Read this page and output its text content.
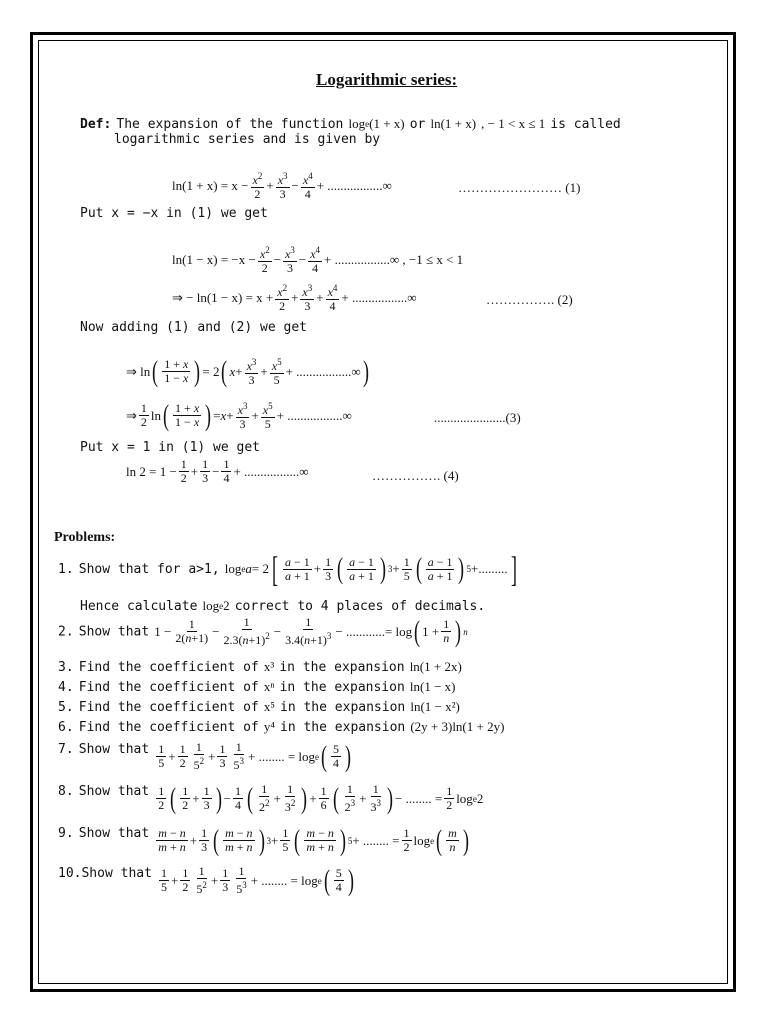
Logarithmic series:
Def: The expansion of the function log e (1 + x) or ln(1 + x) , − 1 < x ≤ 1 is called
logarithmic series and is given by
$\ln(1 + x) = x - \frac{x^2}{2} + \frac{x^3}{3} - \frac{x^4}{4}$ + .................∞	…………………… (1)
Put x = −x in (1) we get
$\ln(1 - x) = -x - \frac{x^2}{2} - \frac{x^3}{3} - \frac{x^4}{4}$ + .................∞ , −1 ≤ x < 1
⇒ − $\ln(1 - x) = x + \frac{x^2}{2} + \frac{x^3}{3} + \frac{x^4}{4}$ + .................∞	……………. (2)
Now adding (1) and (2) we get
⇒ ln ( $\frac{1 + x}{1 - x}$ ) = 2 ( $x + \frac{x^3}{3} + \frac{x^5}{5}$ + .................∞ )
⇒ $\frac{1}{2}$ ln ( $\frac{1 + x}{1 - x}$ ) = $x + \frac{x^3}{3} + \frac{x^5}{5}$ + .................∞	......................(3)
Put x = 1 in (1) we get
$\ln 2 = 1 - \frac{1}{2} + \frac{1}{3} - \frac{1}{4}$ + .................∞	……………. (4)
Problems:
1. Show that for a>1, log e a = 2 [ $\frac{a - 1}{a + 1} + \frac{1}{3}$ ( $\frac{a - 1}{a + 1}$ ) $3 + \frac{1}{5}$ ( $\frac{a - 1}{a + 1}$ ) 5 + ......... ]
Hence calculate log e 2 correct to 4 places of decimals.
2. Show that $1 - \frac{1}{2(n+1)} - \frac{1}{2.3(n+1)^2} - \frac{1}{3.4(n+1)^3}$ − ............ = log ( $1 + \frac{1}{n}$ ) n
3. Find the coefficient of x³ in the expansion ln(1 + 2x)
4. Find the coefficient of xⁿ in the expansion ln(1 − x)
5. Find the coefficient of x⁵ in the expansion ln(1 − x²)
6. Find the coefficient of y⁴ in the expansion (2y + 3)ln(1 + 2y)
7. Show that $\frac{1}{5} + \frac{1}{2} \frac{1}{5^2} + \frac{1}{3} \frac{1}{5^3}$ + ........ = log e ( $\frac{5}{4}$ )
8. Show that $\frac{1}{2}$ ( $\frac{1}{2} + \frac{1}{3}$ ) − $\frac{1}{4}$ ( $\frac{1}{2^2} + \frac{1}{3^2}$ ) + $\frac{1}{6}$ ( $\frac{1}{2^3} + \frac{1}{3^3}$ ) − ........ = $\frac{1}{2}$ log e 2
9. Show that $\frac{m - n}{m + n} + \frac{1}{3}$ ( $\frac{m - n}{m + n}$ ) $3 + \frac{1}{5}$ ( $\frac{m - n}{m + n}$ ) 5 + ........ = $\frac{1}{2}$ log e ( $\frac{m}{n}$ )
10.Show that $\frac{1}{5} + \frac{1}{2} \frac{1}{5^2} + \frac{1}{3} \frac{1}{5^3}$ + ........ = log e ( $\frac{5}{4}$ )
